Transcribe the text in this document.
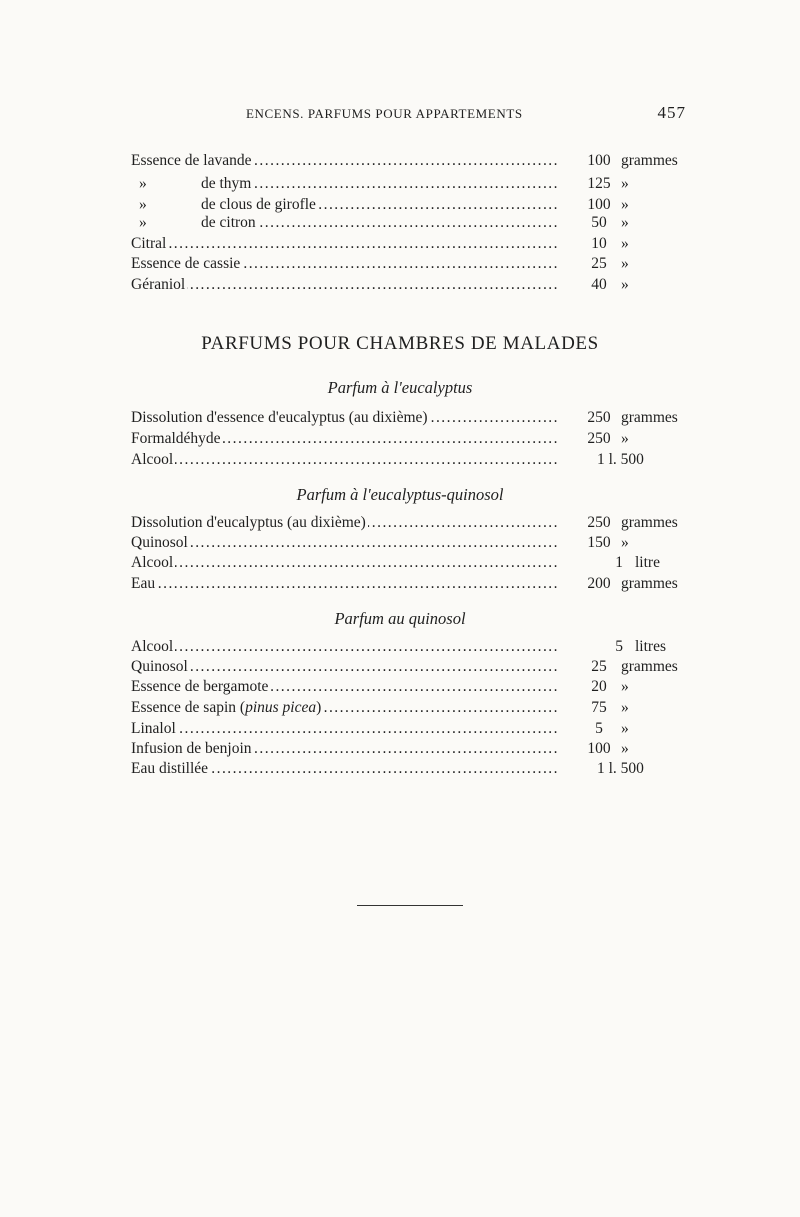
ENCENS. PARFUMS POUR APPARTEMENTS	457
Essence de lavande . . .	100 grammes
»	de thym . . .	125 »
»	de clous de girofle . . .	100 »
»	de citron . . .	50 »
Citral . . .	10 »
Essence de cassie . . .	25 »
Géraniol . . .	40 »
PARFUMS POUR CHAMBRES DE MALADES
Parfum à l'eucalyptus
Dissolution d'essence d'eucalyptus (au dixième) . . .	250 grammes
Formaldéhyde . . .	250 »
Alcool . . .	1 l. 500
Parfum à l'eucalyptus-quinosol
Dissolution d'eucalyptus (au dixième) . . .	250 grammes
Quinosol . . .	150 »
Alcool . . .	1 litre
Eau . . .	200 grammes
Parfum au quinosol
Alcool . . .	5 litres
Quinosol . . .	25 grammes
Essence de bergamote . . .	20 »
Essence de sapin (pinus picea) . . .	75 »
Linalol . . .	5	»
Infusion de benjoin . . .	100 »
Eau distillée . . .	1 l. 500
